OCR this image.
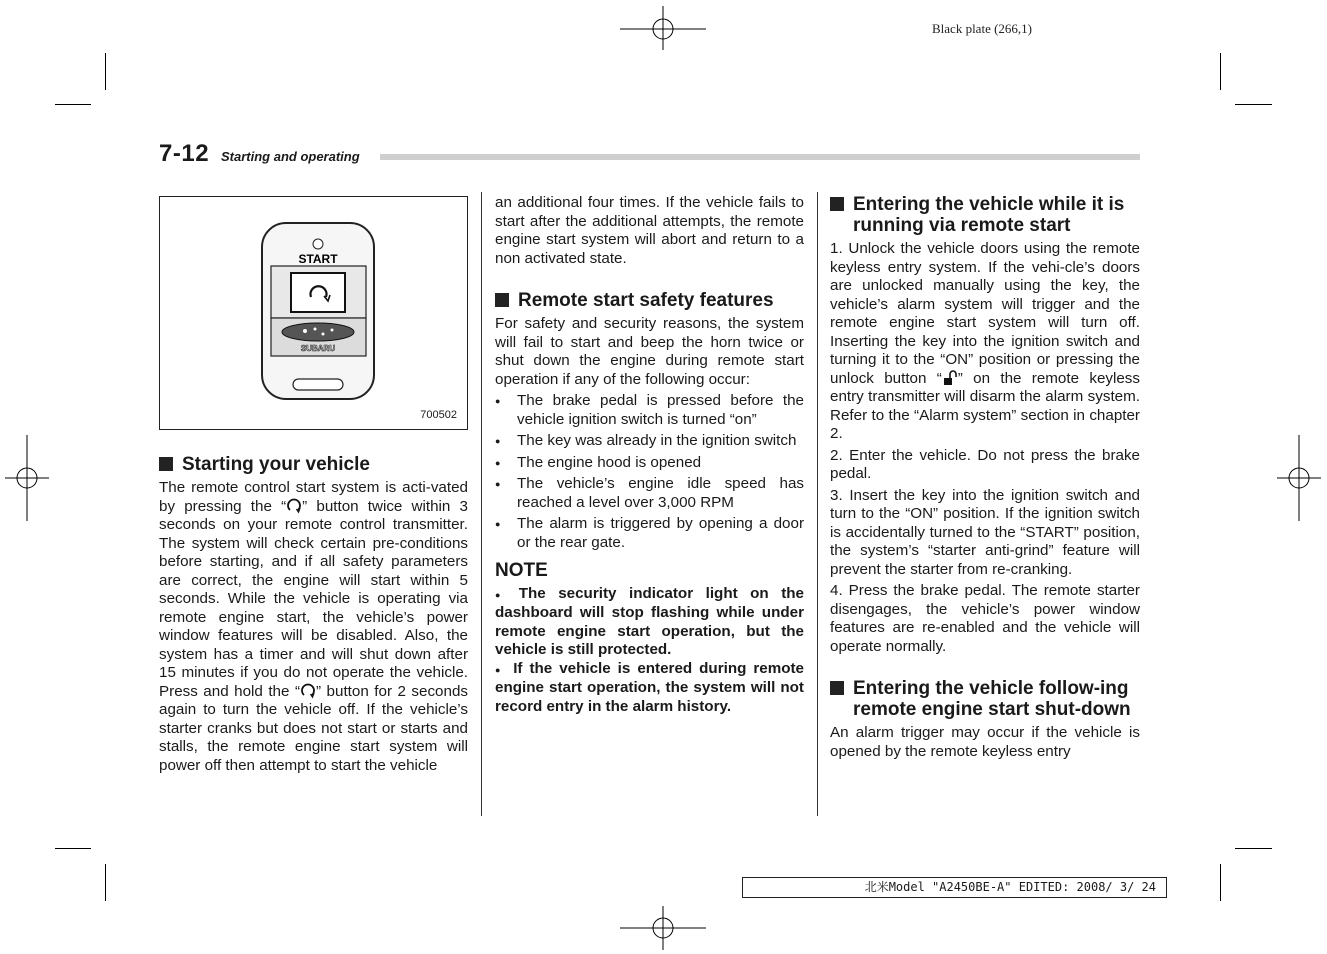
Black plate (266,1)
7-12 Starting and operating
START
SUBARU
700502
Starting your vehicle

The remote control start system is acti-vated by pressing the “ ” button twice within 3 seconds on your remote control transmitter. The system will check certain pre-conditions before starting, and if all safety parameters are correct, the engine will start within 5 seconds. While the vehicle is operating via remote engine start, the vehicle’s power window features will be disabled. Also, the system has a timer and will shut down after 15 minutes if you do not operate the vehicle. Press and hold the “ ” button for 2 seconds again to turn the vehicle off. If the vehicle’s starter cranks but does not start or starts and stalls, the remote engine start system will power off then attempt to start the vehicle

an additional four times. If the vehicle fails to start after the additional attempts, the remote engine start system will abort and return to a non activated state.

Remote start safety features

For safety and security reasons, the system will fail to start and beep the horn twice or shut down the engine during remote start operation if any of the following occur:

●	The brake pedal is pressed before the vehicle ignition switch is turned “on”
●	The key was already in the ignition switch
●	The engine hood is opened
●	The vehicle’s engine idle speed has reached a level over 3,000 RPM
●	The alarm is triggered by opening a door or the rear gate.
NOTE

● The security indicator light on the dashboard will stop flashing while under remote engine start operation, but the vehicle is still protected.

● If the vehicle is entered during remote engine start operation, the system will not record entry in the alarm history.

Entering the vehicle while it is running via remote start

1. Unlock the vehicle doors using the remote keyless entry system. If the vehi-cle’s doors are unlocked manually using the key, the vehicle’s alarm system will trigger and the remote engine start system will turn off. Inserting the key into the ignition switch and turning it to the “ON” position or pressing the unlock button “ ” on the remote keyless entry transmitter will disarm the alarm system. Refer to the “Alarm system” section in chapter 2.

2. Enter the vehicle. Do not press the brake pedal.

3. Insert the key into the ignition switch and turn to the “ON” position. If the ignition switch is accidentally turned to the “START” position, the system’s “starter anti-grind” feature will prevent the starter from re-cranking.

4. Press the brake pedal. The remote starter disengages, the vehicle’s power window features are re-enabled and the vehicle will operate normally.

Entering the vehicle follow-ing remote engine start shut-down

An alarm trigger may occur if the vehicle is opened by the remote keyless entry

北米Model "A2450BE-A" EDITED: 2008/ 3/ 24
